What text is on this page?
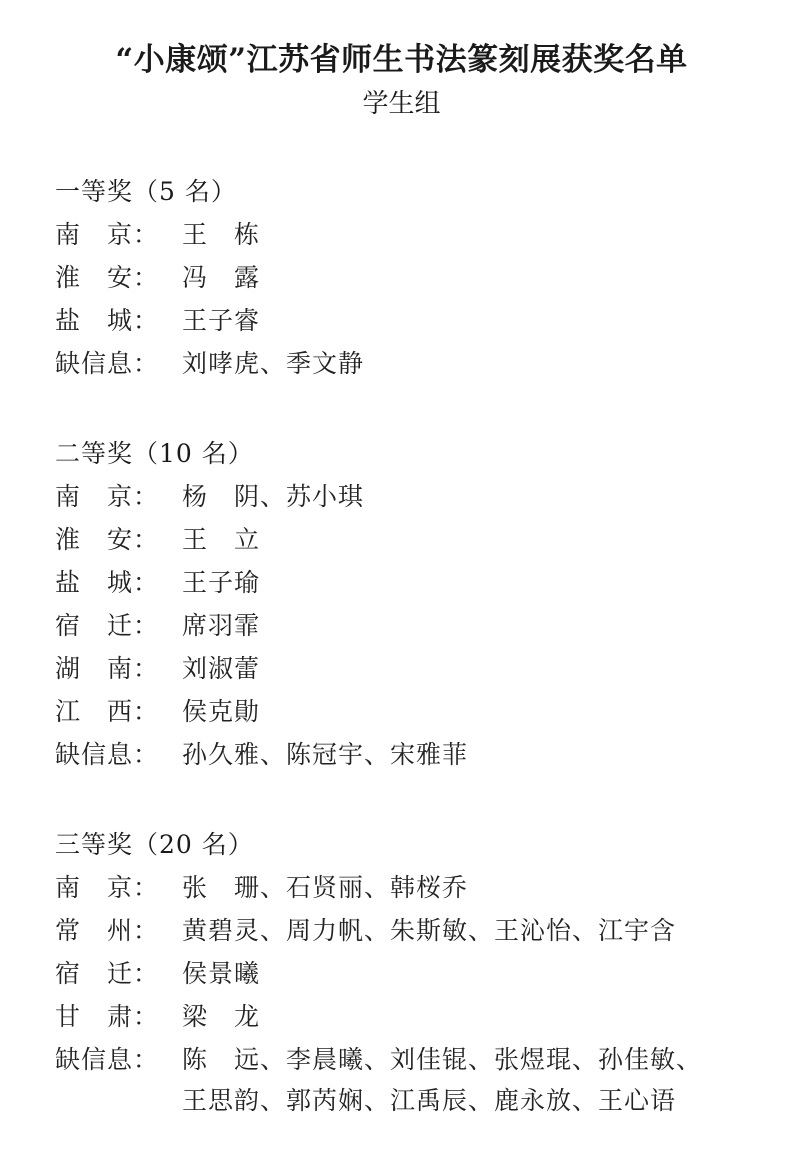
“小康颂”江苏省师生书法篆刻展获奖名单
学生组
一等奖（5 名）
南　京： 王　栋
淮　安： 冯　露
盐　城： 王子睿
缺信息： 刘哮虎、季文静
二等奖（10 名）
南　京： 杨　阴、苏小琪
淮　安： 王　立
盐　城： 王子瑜
宿　迁： 席羽霏
湖　南： 刘淑蕾
江　西： 侯克勛
缺信息： 孙久雅、陈冠宇、宋雅菲
三等奖（20 名）
南　京： 张　珊、石贤丽、韩桜乔
常　州： 黄碧灵、周力帆、朱斯敏、王沁怡、江宇含
宿　迁： 侯景曦
甘　肃： 梁　龙
缺信息： 陈　远、李晨曦、刘佳锟、张煜琨、孙佳敏、
王思韵、郭芮娴、江禹辰、鹿永放、王心语
